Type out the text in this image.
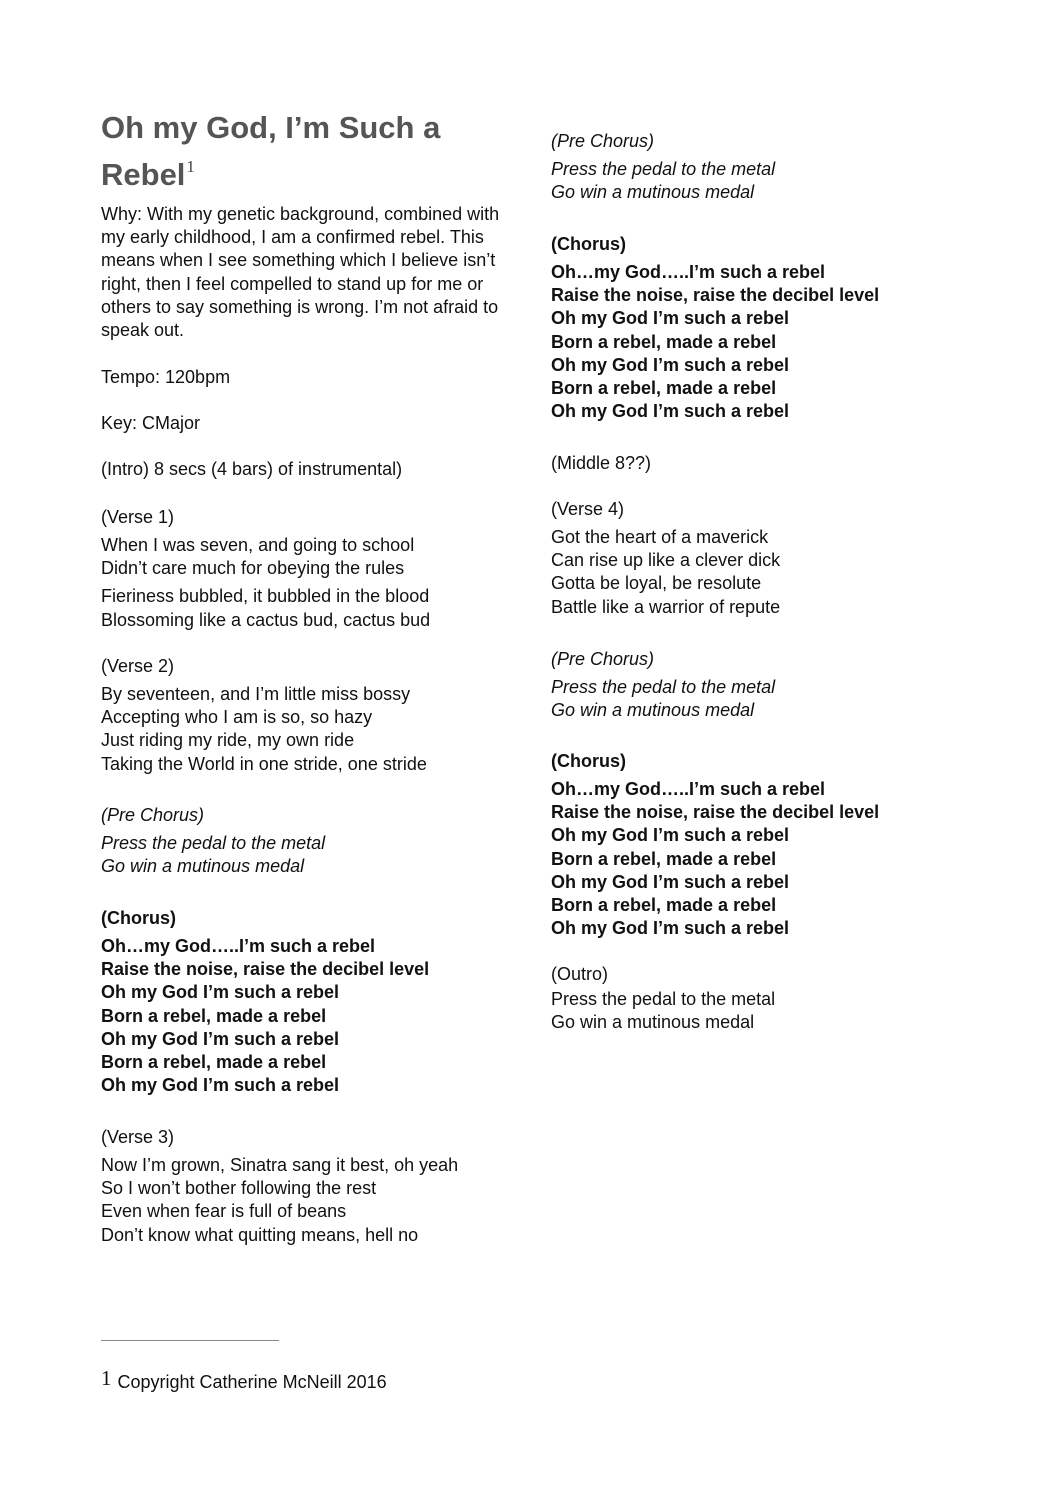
Oh my God, I’m Such a Rebel$^1$

Why: With my genetic background, combined with my early childhood, I am a confirmed rebel. This means when I see something which I believe isn’t right, then I feel compelled to stand up for me or others to say something is wrong. I’m not afraid to speak out.

Tempo: 120bpm

Key: CMajor

(Intro) 8 secs (4 bars) of instrumental)

(Verse 1)
When I was seven, and going to school
Didn’t care much for obeying the rules
Fieriness bubbled, it bubbled in the blood
Blossoming like a cactus bud, cactus bud
(Verse 2)
By seventeen, and I’m little miss bossy
Accepting who I am is so, so hazy
Just riding my ride, my own ride
Taking the World in one stride, one stride
(Pre Chorus)
Press the pedal to the metal
Go win a mutinous medal
(Chorus)
Oh…my God…..I’m such a rebel
Raise the noise, raise the decibel level
Oh my God I’m such a rebel
Born a rebel, made a rebel
Oh my God I’m such a rebel
Born a rebel, made a rebel
Oh my God I’m such a rebel
(Verse 3)
Now I’m grown, Sinatra sang it best, oh yeah
So I won’t bother following the rest
Even when fear is full of beans
Don’t know what quitting means, hell no
(Pre Chorus)
Press the pedal to the metal
Go win a mutinous medal
(Chorus)
Oh…my God…..I’m such a rebel
Raise the noise, raise the decibel level
Oh my God I’m such a rebel
Born a rebel, made a rebel
Oh my God I’m such a rebel
Born a rebel, made a rebel
Oh my God I’m such a rebel
(Middle 8??)
(Verse 4)
Got the heart of a maverick
Can rise up like a clever dick
Gotta be loyal, be resolute
Battle like a warrior of repute
(Pre Chorus)
Press the pedal to the metal
Go win a mutinous medal
(Chorus)
Oh…my God…..I’m such a rebel
Raise the noise, raise the decibel level
Oh my God I’m such a rebel
Born a rebel, made a rebel
Oh my God I’m such a rebel
Born a rebel, made a rebel
Oh my God I’m such a rebel
(Outro)
Press the pedal to the metal
Go win a mutinous medal
1 Copyright Catherine McNeill 2016
